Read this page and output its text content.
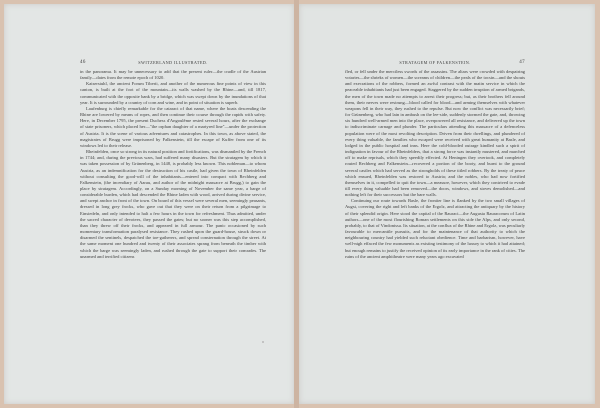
46	SWITZERLAND ILLUSTRATED.

in the panorama. It may be unnecessary to add that the present ruler—the cradle of the Austrian family—dates from the remote epoch of 1020.

Kaiserstuhl, the ancient Forum Tiberii, and another of the numerous fine points of view in this canton, is built at the foot of the mountain—its walls washed by the Rhine—and, till 1817, communicated with the opposite bank by a bridge, which was swept down by the inundations of that year. It is surrounded by a country of corn and wine, and in point of situation is superb.

Laufenburg is chiefly remarkable for the cataract of that name, where the boats descending the Rhine are lowered by means of ropes, and then continue their course through the rapids with safety. Here, in December 1795, the present Duchess d'Angoulême rested several hours, after the exchange of state prisoners, which placed her—"the orphan daughter of a martyred line"—under the protection of Austria. It is the scene of various adventures and catastrophes. In this town, as above stated, the magistrates of Brugg were imprisoned by Falkenstein, till the escape of Kuffer from one of its windows led to their release.

Rheinfelden, once so strong in its natural position and fortifications, was dismantled by the French in 1744; and, during the previous wars, had suffered many disasters. But the stratagem by which it was taken possession of by Grünenberg, in 1448, is probably less known. This nobleman—to whom Austria, as an indemnification for the destruction of his castle, had given the town of Rheinfelden without consulting the good-will of the inhabitants—entered into compact with Rechberg and Falkenstein, (the incendiary of Aarau, and author of the midnight massacre at Brugg,) to gain the place by stratagem. Accordingly, on a Sunday morning of November the same year, a barge of considerable burden, which had descended the Rhine laden with wood, arrived during divine service, and swept anchor in front of the town. On board of this vessel were several men, seemingly peasants, dressed in long grey frocks, who gave out that they were on their return from a pilgrimage to Einsiedeln, and only intended to halt a few hours in the town for refreshment. Thus admitted, under the sacred character of devotees, they passed the gates; but no sooner was this step accomplished, than they threw off their frocks, and appeared in full armour. The panic occasioned by such momentary transformation paralysed resistance. They rushed upon the guard-house, struck down or disarmed the sentinels, despatched the toe-gatherers, and spread consternation through the street. At the same moment one hundred and twenty of their associates sprang from beneath the timber with which the barge was seemingly laden, and rushed through the gate to support their comrades. The unarmed and terrified citizens

STRATAGEM OF FALKENSTEIN.	47

fled, or fell under the merciless swords of the assassins. The altars were crowded with despairing votaries—the shrieks of women—the screams of children—the peals of the tocsin—and the shouts and execrations of the robbers, formed an awful contrast with the matin service in which the peaceable inhabitants had just been engaged. Staggered by the sudden irruption of armed brigands, the men of the town made no attempts to arrest their progress; but, as their brothers fell around them, their nerves were restrung—blood called for blood—and arming themselves with whatever weapons fell in their way, they rushed to the repulse. But now the conflict was necessarily brief; for Grünenberg, who had lain in ambush on the lee-side, suddenly stormed the gate, and, throwing six hundred well-armed men into the place, overpowered all resistance, and delivered up the town to indiscriminate carnage and plunder. The particulars attending this massacre of a defenceless population were of the most revolting description. Driven from their dwellings, and plundered of every thing valuable, the families who escaped were received with great humanity at Basle, and lodged in the public hospital and inns. Here the cold-blooded outrage kindled such a spirit of indignation in favour of the Rheinfelders, that a strong force was instantly mustered, and marched off to make reprisals, which they speedily effected. At Heningen they overtook, and completely routed Rechberg and Falkenstein—recovered a portion of the booty, and burnt to the ground several castles which had served as the strongholds of these titled robbers. By the treaty of peace which ensued, Rheinfelden was restored to Austria; and the nobles, who had now fortified themselves in it, compelled to quit the town—a measure, however, which they contrived to evade till every thing valuable had been removed—the doors, windows, and stoves demolished—and nothing left for their successors but the bare walls.

Continuing our route towards Basle, the frontier line is flanked by the two small villages of Augst, covering the right and left banks of the Ergolz, and attracting the antiquary by the history of their splendid origin. Here stood the capital of the Rauraci—the Augusta Rauracorum of Latin authors—one of the most flourishing Roman settlements on this side the Alps, and only second, probably, to that of Vindonissa. Its situation, at the conflux of the Rhine and Ergolz, was peculiarly favourable to mercantile pursuits, and for the maintenance of that authority to which the neighbouring country had yielded such reluctant obedience. Time and barbarism, however, have well-nigh effaced the few monuments as existing testimony of the luxury to which it had attained; but enough remains to justify the received opinion of its early importance in the rank of cities. The ruins of the ancient amphitheatre were many years ago excavated
